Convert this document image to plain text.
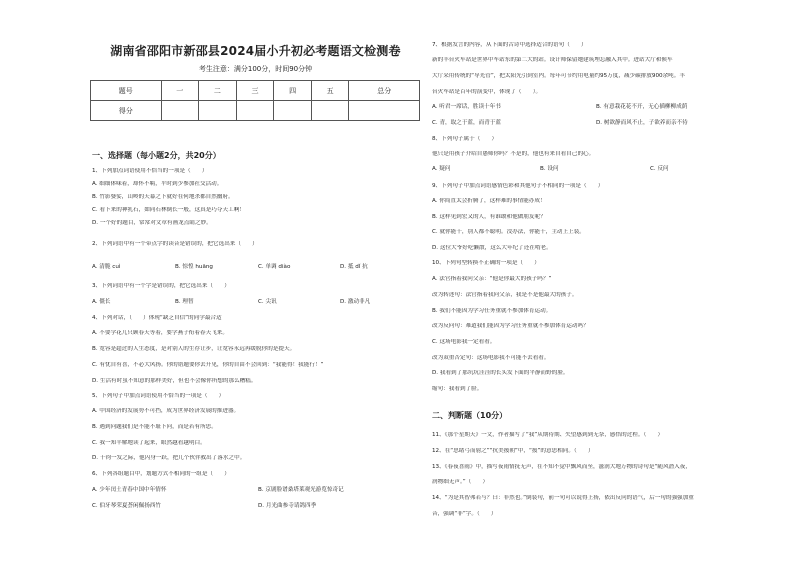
湖南省邵阳市新邵县2024届小升初必考题语文检测卷
考生注意：满分100分，时间90分钟
题号	一	二	三	四	五	总分
得分						
一、选择题（每小题2分，共20分）
1、下列加点词语使用不恰当的一项是（　　）
A. 细细体味着，却怀不羁，平时到少参加社交活动。
B. 竹影婆娑，山岭的天幕之下就好在何地杀都自然幽府。
C. 看下来的神乳石，如同石林倒长一般，这真是巧夺天工啊！
D. 一个好的题目，常常对文章有画龙点睛之妙。
2、下列词语中有一个带点字的读音是错误的，把它选出来（　　）
A. 清脆 cuì	B. 惊惶 huāng	C. 单调 diào	D. 抵 dǐ 抗
3、下列词语中有一个字是错误的，把它选出来（　　）
A. 僵长	B. 理智	C. 尖讯	D. 激动非凡
4、下列对话，（　　）体现“缺乏自信”的同学最合适
A. 不要学花儿只顾春天等着，要学燕子衔着春天飞来。
B. 宽容是超过的人生态度，是对别人的生存让步，让宽容永远再缓脱你的是提天。
C. 有忧自有喜，不必大风扬。你的错题要你去升见，你的自由不会回到：“我能得！我能行！”
D. 生活有时虽不知意的那样美好，但也不会像你所想的那么糟糕。
5、下列句子中加点词语使用不恰当的一项是（　　）
A. 中国经济的发展势不可挡，成为世界经济发展的推进器。
B. 遇到问题我们是不能不耻下问，而是若有所思。
C. 我一知半解地读了起来，眼然越看越明白。
D. 千钧一发之际，他闪身一跃，把几个伙伴救出了落水之中。
6、下列各组题目中，划题方式不相同的一组是（　　）
A. 少年闰土青春中国中年情怀	B. 京剧脸谱桑塔莱观光游览惊奇记
C. 伯牙琴荣夏荟闲佩扬西竹	D. 月光曲参寺请鸽四季
7、根据发言的内容，从下面的古诗中选择适合的语句（　　）
新的丰台火车站是世界中车站东的第二大的站。设计师保留她建筑埋忘融入其中。进站大厅和候车
大厅采用传统的“导光管”，把太阳光引到室内。每年可节约用电量约95万度，减少碳排放900余吨。丰
台火车站是百年的演变中，体现了（　　）。
A. 听君一席话，胜读十年书	B. 有意栽花花不开，无心插柳柳成荫
C. 青，取之于蓝，而青于蓝	D. 树欲静而风不止，子欲养而亲不待
8、下列句子属于（　　）
他只是用孩子介绍自愚师你吗？不是的，他也有来自看自己的心。
A. 疑问	B. 设问	C. 反问
9、下列句子中加点词语感情色彩和其他句子不相同的一项是（　　）
A. 你简直太会折腾了，这样难的事情能办成！
B. 这样见到宏又的人，有谁敢和他做朋友呢？
C. 就你能干，别人都不聪明。没办法，你能干，主动上上装。
D. 这位大爷好吃懒散，这么大年纪了还在啃老。
10、下列句型转换不正确的一项是（　　）
A. 法官指着我问父亲：“他是你最大的孩子吗？”
改为转述句：法官指着我问父亲，我是不是他最大的孩子。
B. 我们不能因为学习任务重就不参加体育运动。
改为反问句：难道我们能因为学习任务重就不参加体育运动吗？
C. 这场电影我一定看看。
改为双重否定句：这场电影我不可能不去看看。
D. 我看到了那坑坑洼洼的长头发下面的平静而野的脸。
缩句：我看到了脸。
二、判断题（10分）
11、《那个星期天》一文，作者描写了“我”从期待期、失望感到到无奈，感悟的过程。（　　）
12、在“思绪弓而射之”“抗美援朝”中，“援”的意思相同。（　　）
13、《春夜喜雨》中，描写夜雨情抚无声，在不知不觉中飘风而至，滋润大地万物的诗句是“随风潜入夜，
润物细无声。”（　　）
14、“为是其智弗若与？曰：非然也。”倒装句，前一句可以说得上扬，依出反问的语气，后一句的强强加重
音，强调“非”字。（　　）
